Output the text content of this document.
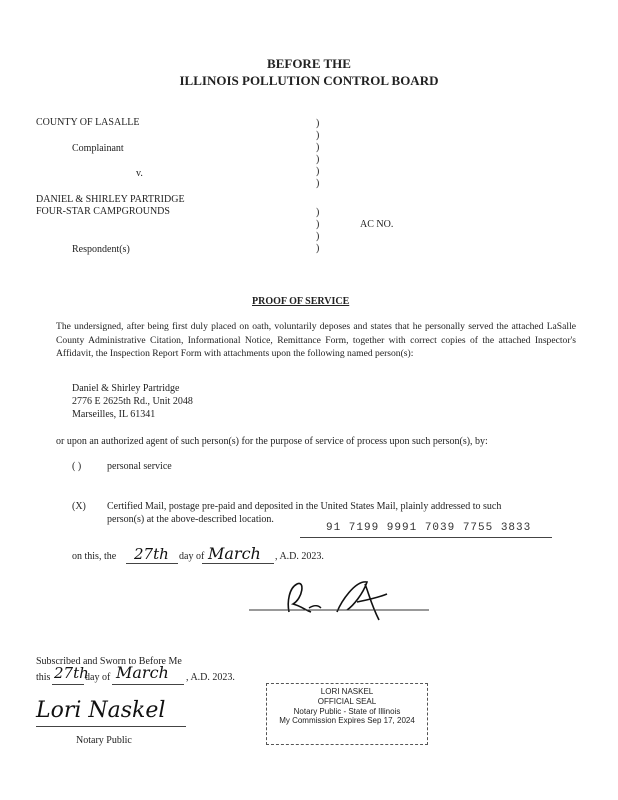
BEFORE THE
ILLINOIS POLLUTION CONTROL BOARD
COUNTY OF LASALLE
Complainant
v.
DANIEL & SHIRLEY PARTRIDGE
FOUR-STAR CAMPGROUNDS
Respondent(s)
AC NO.
)
)
)
)
)
)
)
)
)
)
PROOF OF SERVICE
The undersigned, after being first duly placed on oath, voluntarily deposes and states that he personally served the attached LaSalle County Administrative Citation, Informational Notice, Remittance Form, together with correct copies of the attached Inspector's Affidavit, the Inspection Report Form with attachments upon the following named person(s):
Daniel & Shirley Partridge
2776 E 2625th Rd., Unit 2048
Marseilles, IL 61341
or upon an authorized agent of such person(s) for the purpose of service of process upon such person(s), by:
( )	personal service
(X) Certified Mail, postage pre-paid and deposited in the United States Mail, plainly addressed to such
person(s) at the above-described location.
91 7199 9991 7039 7755 3833
on this, the 27th day of March , A.D. 2023.
Subscribed and Sworn to Before Me
this 27th
day of March , A.D. 2023.
Lori Naskel
Notary Public
LORI NASKEL
OFFICIAL SEAL
Notary Public - State of Illinois
My Commission Expires Sep 17, 2024
